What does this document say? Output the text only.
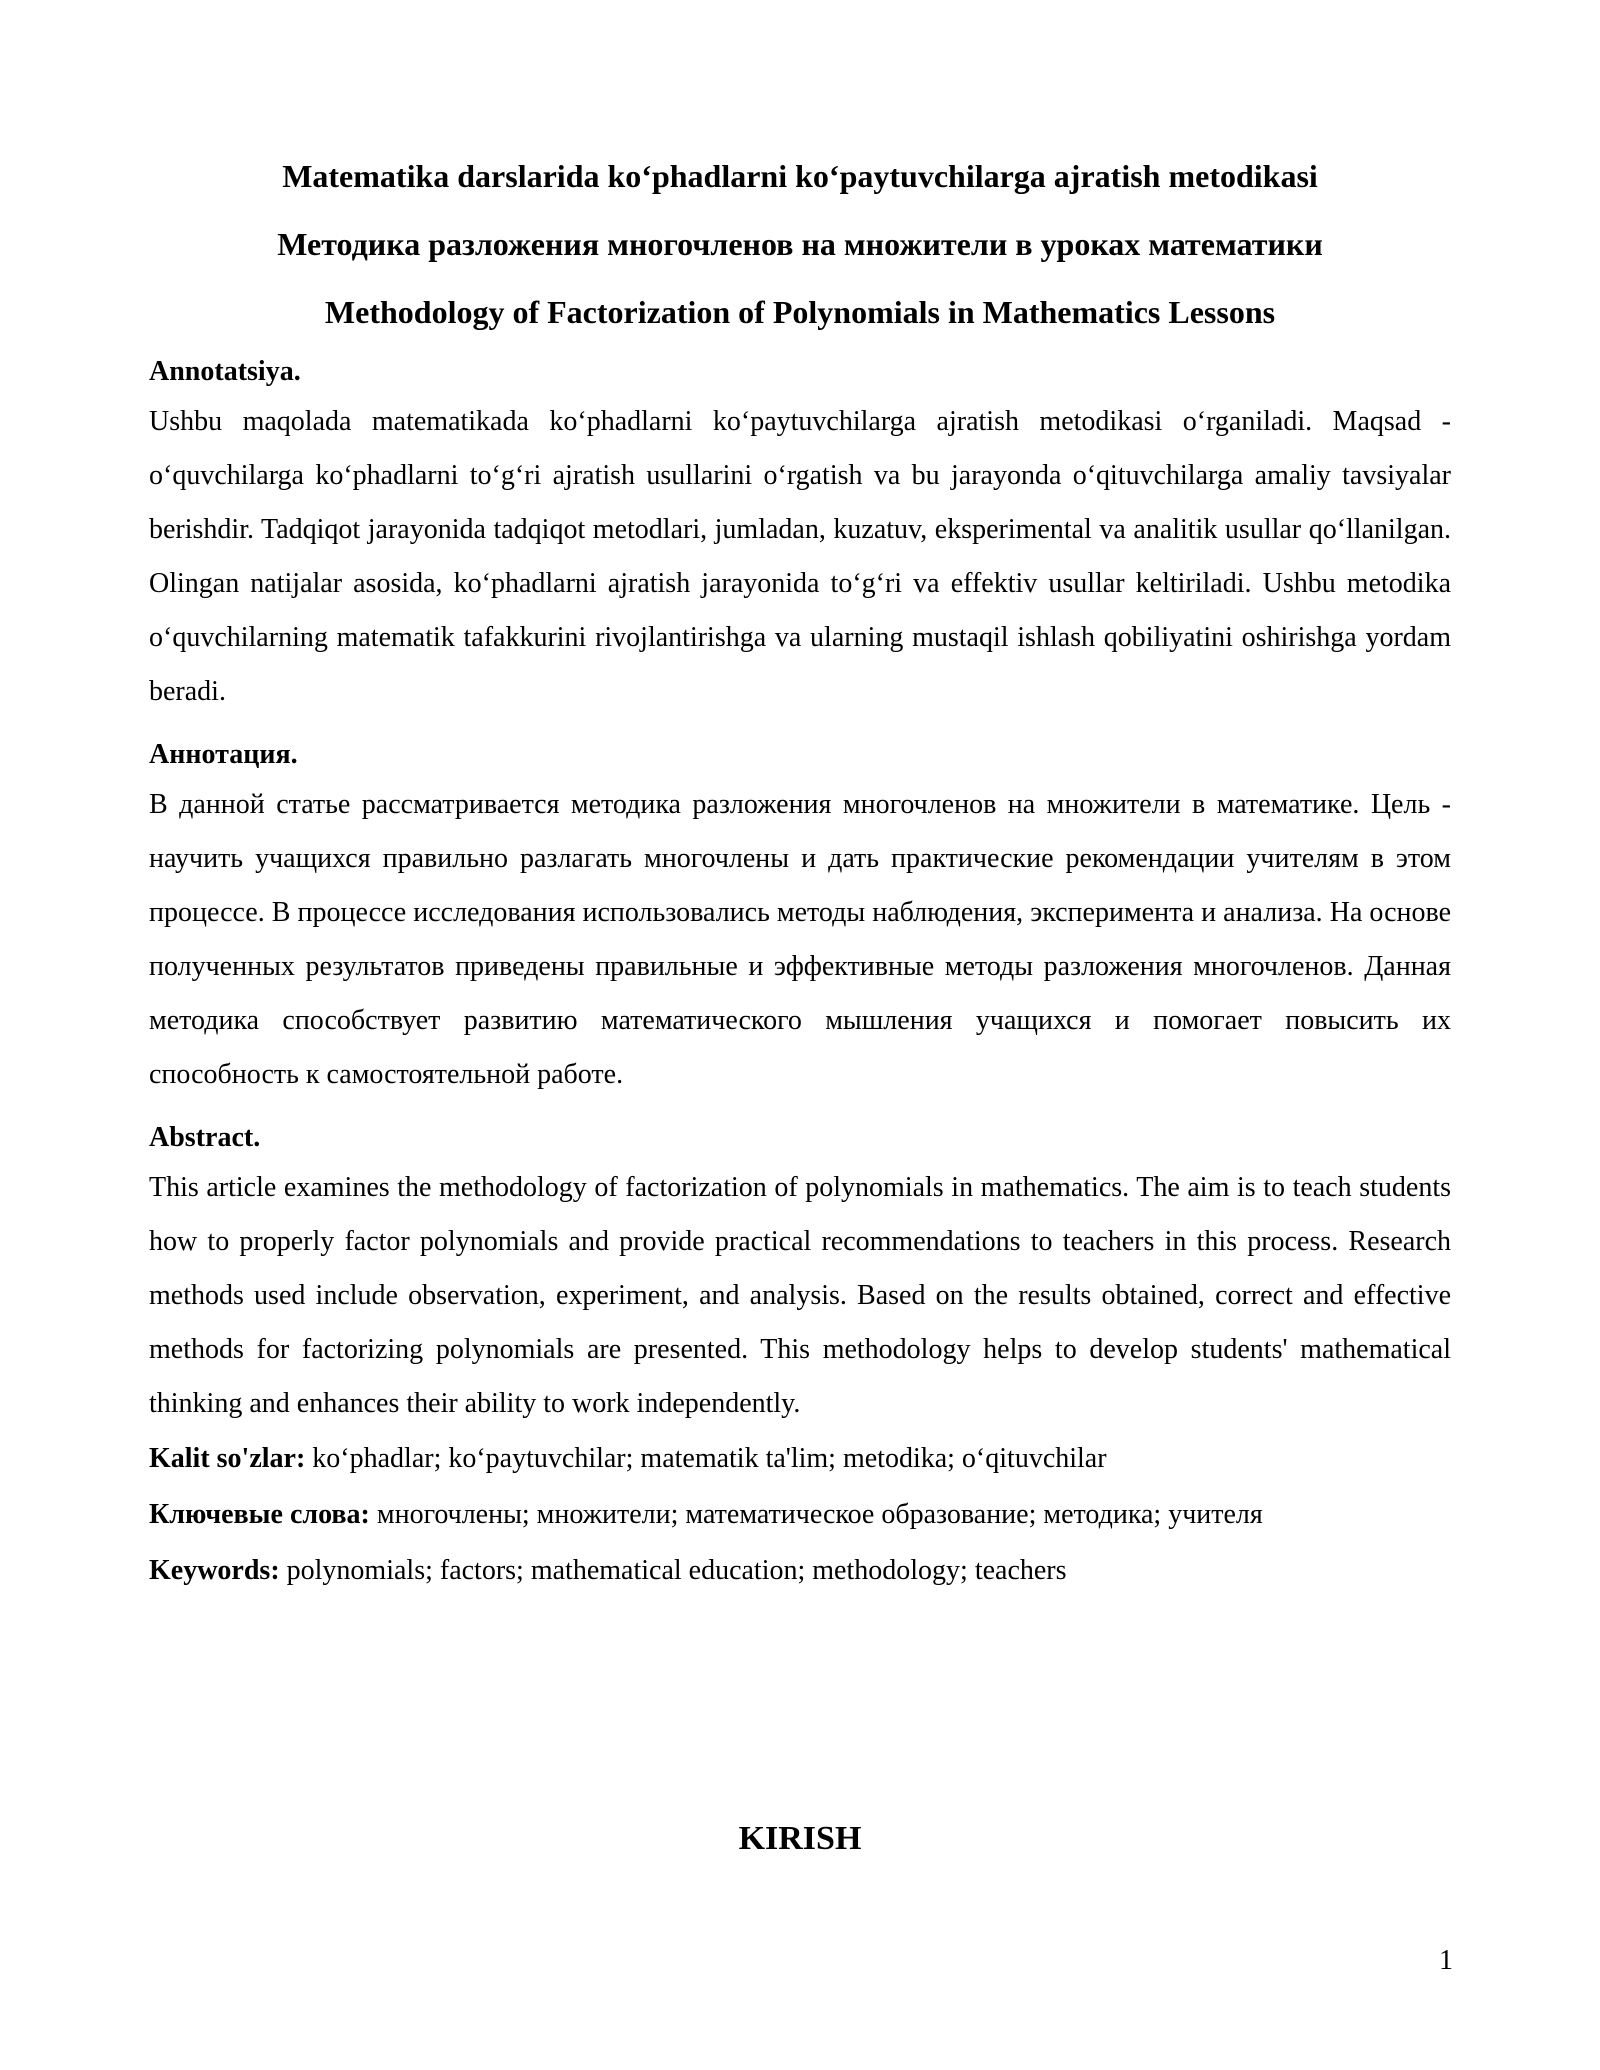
Matematika darslarida ko‘phadlarni ko‘paytuvchilarga ajratish metodikasi

Методика разложения многочленов на множители в уроках математики

Methodology of Factorization of Polynomials in Mathematics Lessons

Annotatsiya.

Ushbu maqolada matematikada ko‘phadlarni ko‘paytuvchilarga ajratish metodikasi o‘rganiladi. Maqsad - o‘quvchilarga ko‘phadlarni to‘g‘ri ajratish usullarini o‘rgatish va bu jarayonda o‘qituvchilarga amaliy tavsiyalar berishdir. Tadqiqot jarayonida tadqiqot metodlari, jumladan, kuzatuv, eksperimental va analitik usullar qo‘llanilgan. Olingan natijalar asosida, ko‘phadlarni ajratish jarayonida to‘g‘ri va effektiv usullar keltiriladi. Ushbu metodika o‘quvchilarning matematik tafakkurini rivojlantirishga va ularning mustaqil ishlash qobiliyatini oshirishga yordam beradi.

Аннотация.

В данной статье рассматривается методика разложения многочленов на множители в математике. Цель - научить учащихся правильно разлагать многочлены и дать практические рекомендации учителям в этом процессе. В процессе исследования использовались методы наблюдения, эксперимента и анализа. На основе полученных результатов приведены правильные и эффективные методы разложения многочленов. Данная методика способствует развитию математического мышления учащихся и помогает повысить их способность к самостоятельной работе.

Abstract.

This article examines the methodology of factorization of polynomials in mathematics. The aim is to teach students how to properly factor polynomials and provide practical recommendations to teachers in this process. Research methods used include observation, experiment, and analysis. Based on the results obtained, correct and effective methods for factorizing polynomials are presented. This methodology helps to develop students' mathematical thinking and enhances their ability to work independently.

Kalit so'zlar: ko‘phadlar; ko‘paytuvchilar; matematik ta'lim; metodika; o‘qituvchilar

Ключевые слова: многочлены; множители; математическое образование; методика; учителя

Keywords: polynomials; factors; mathematical education; methodology; teachers

KIRISH

1
